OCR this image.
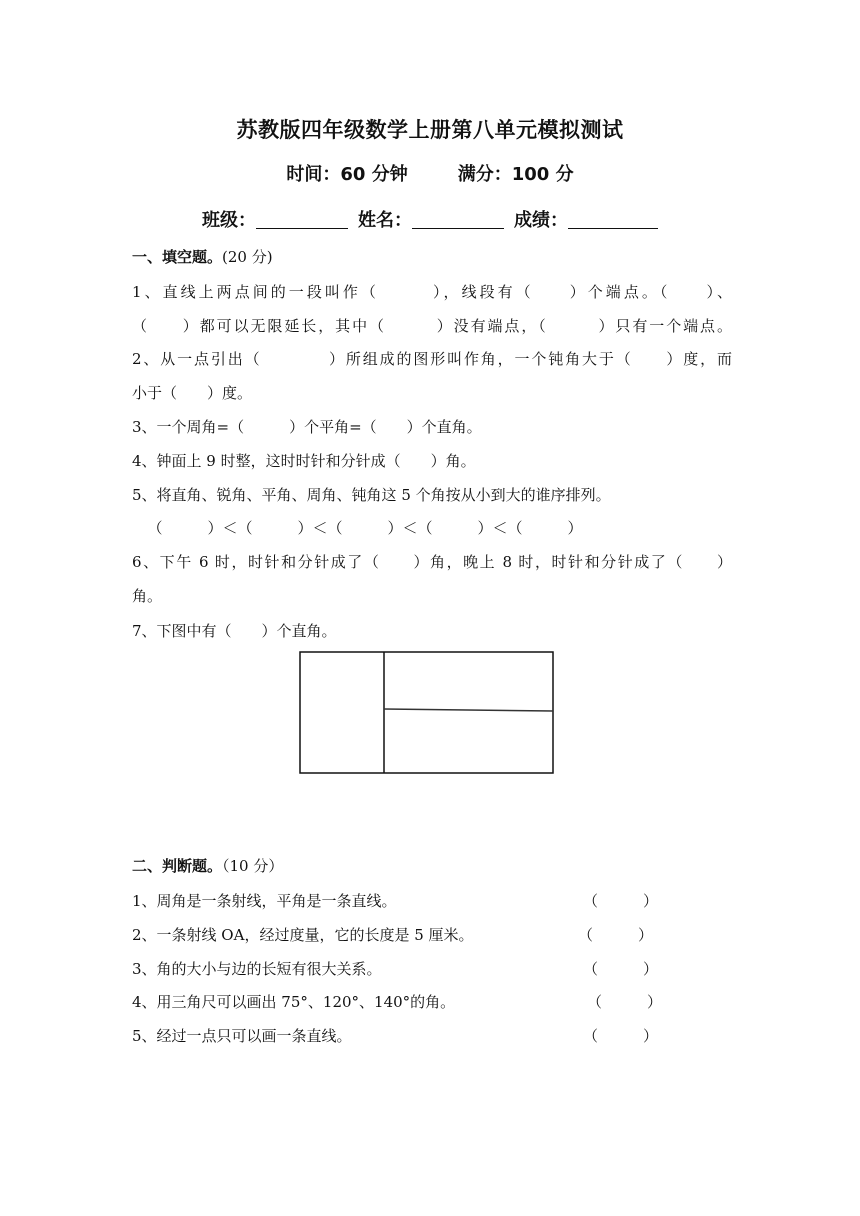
苏教版四年级数学上册第八单元模拟测试
时间：60 分钟	满分：100 分
班级：	姓名：	成绩：
一、填空题。(20 分)
1、直线上两点间的一段叫作（　　　），线段有（　　）个端点。（　　）、
（　　）都可以无限延长，其中（　　　）没有端点，（　　　）只有一个端点。
2、从一点引出（　　　　）所组成的图形叫作角，一个钝角大于（　　）度，而
小于（　　）度。
3、一个周角=（　　　）个平角=（　　）个直角。
4、钟面上 9 时整，这时时针和分针成（　　）角。
5、将直角、锐角、平角、周角、钝角这 5 个角按从小到大的谁序排列。
　（　　　）＜（　　　）＜（　　　）＜（　　　）＜（　　　）
6、下午 6 时，时针和分针成了（　　）角，晚上 8 时，时针和分针成了（　　）
角。
7、下图中有（　　）个直角。
二、判断题。（10 分）
1、周角是一条射线，平角是一条直线。	（　　　）
2、一条射线 OA，经过度量，它的长度是 5 厘米。	（　　　）
3、角的大小与边的长短有很大关系。	（　　　）
4、用三角尺可以画出 75°、120°、140°的角。	（　　　）
5、经过一点只可以画一条直线。	（　　　）
